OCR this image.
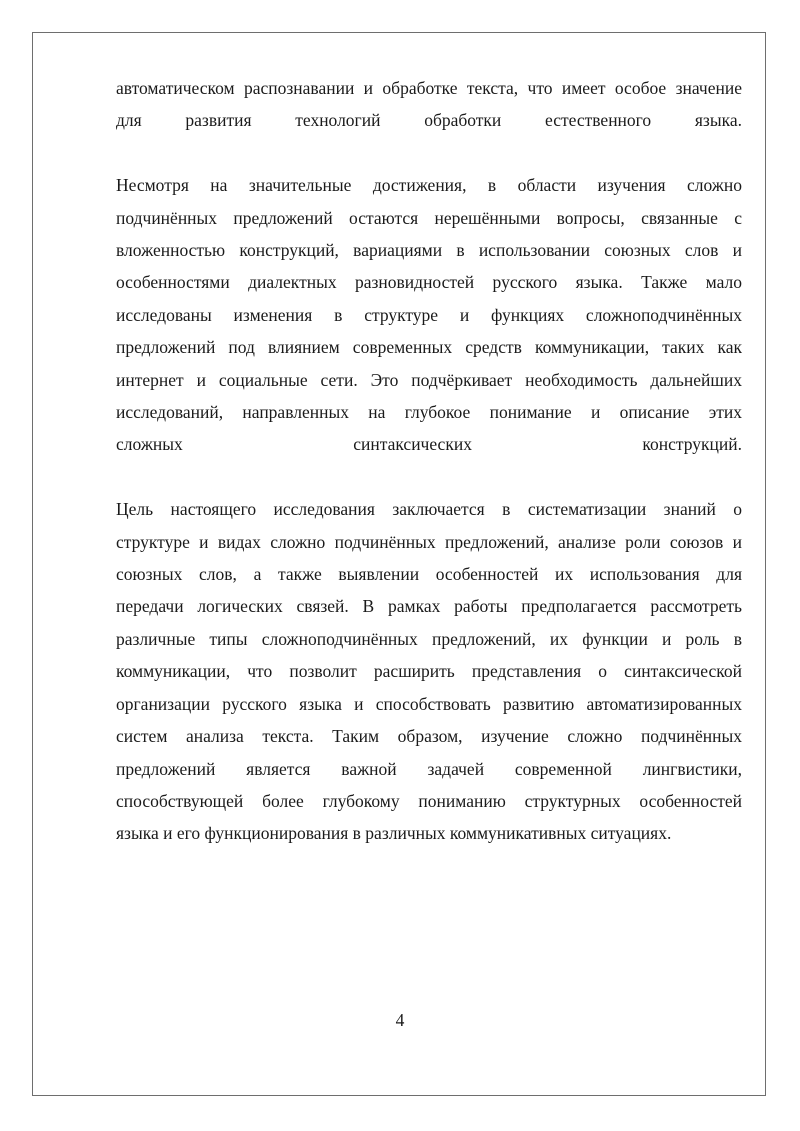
автоматическом распознавании и обработке текста, что имеет особое значение
для развития технологий обработки естественного языка.
Несмотря на значительные достижения, в области изучения сложно
подчинённых предложений остаются нерешёнными вопросы, связанные с
вложенностью конструкций, вариациями в использовании союзных слов и
особенностями диалектных разновидностей русского языка. Также мало
исследованы изменения в структуре и функциях сложноподчинённых
предложений под влиянием современных средств коммуникации, таких как
интернет и социальные сети. Это подчёркивает необходимость дальнейших
исследований, направленных на глубокое понимание и описание этих
сложных синтаксических конструкций.
Цель настоящего исследования заключается в систематизации знаний о
структуре и видах сложно подчинённых предложений, анализе роли союзов и
союзных слов, а также выявлении особенностей их использования для
передачи логических связей. В рамках работы предполагается рассмотреть
различные типы сложноподчинённых предложений, их функции и роль в
коммуникации, что позволит расширить представления о синтаксической
организации русского языка и способствовать развитию автоматизированных
систем анализа текста. Таким образом, изучение сложно подчинённых
предложений является важной задачей современной лингвистики,
способствующей более глубокому пониманию структурных особенностей
языка и его функционирования в различных коммуникативных ситуациях.
4
